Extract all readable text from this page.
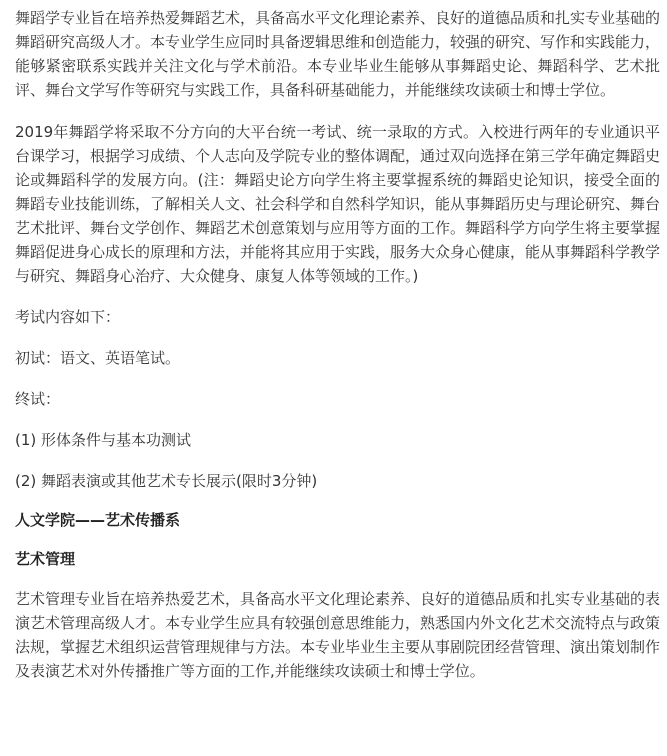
舞蹈学专业旨在培养热爱舞蹈艺术，具备高水平文化理论素养、良好的道德品质和扎实专业基础的舞蹈研究高级人才。本专业学生应同时具备逻辑思维和创造能力，较强的研究、写作和实践能力，能够紧密联系实践并关注文化与学术前沿。本专业毕业生能够从事舞蹈史论、舞蹈科学、艺术批评、舞台文学写作等研究与实践工作，具备科研基础能力，并能继续攻读硕士和博士学位。

2019年舞蹈学将采取不分方向的大平台统一考试、统一录取的方式。入校进行两年的专业通识平台课学习，根据学习成绩、个人志向及学院专业的整体调配，通过双向选择在第三学年确定舞蹈史论或舞蹈科学的发展方向。(注：舞蹈史论方向学生将主要掌握系统的舞蹈史论知识，接受全面的舞蹈专业技能训练，了解相关人文、社会科学和自然科学知识，能从事舞蹈历史与理论研究、舞台艺术批评、舞台文学创作、舞蹈艺术创意策划与应用等方面的工作。舞蹈科学方向学生将主要掌握舞蹈促进身心成长的原理和方法，并能将其应用于实践，服务大众身心健康，能从事舞蹈科学教学与研究、舞蹈身心治疗、大众健身、康复人体等领域的工作。)

考试内容如下：

初试：语文、英语笔试。

终试：

(1) 形体条件与基本功测试

(2) 舞蹈表演或其他艺术专长展示(限时3分钟)

人文学院——艺术传播系
艺术管理

艺术管理专业旨在培养热爱艺术，具备高水平文化理论素养、良好的道德品质和扎实专业基础的表演艺术管理高级人才。本专业学生应具有较强创意思维能力，熟悉国内外文化艺术交流特点与政策法规，掌握艺术组织运营管理规律与方法。本专业毕业生主要从事剧院团经营管理、演出策划制作及表演艺术对外传播推广等方面的工作,并能继续攻读硕士和博士学位。
